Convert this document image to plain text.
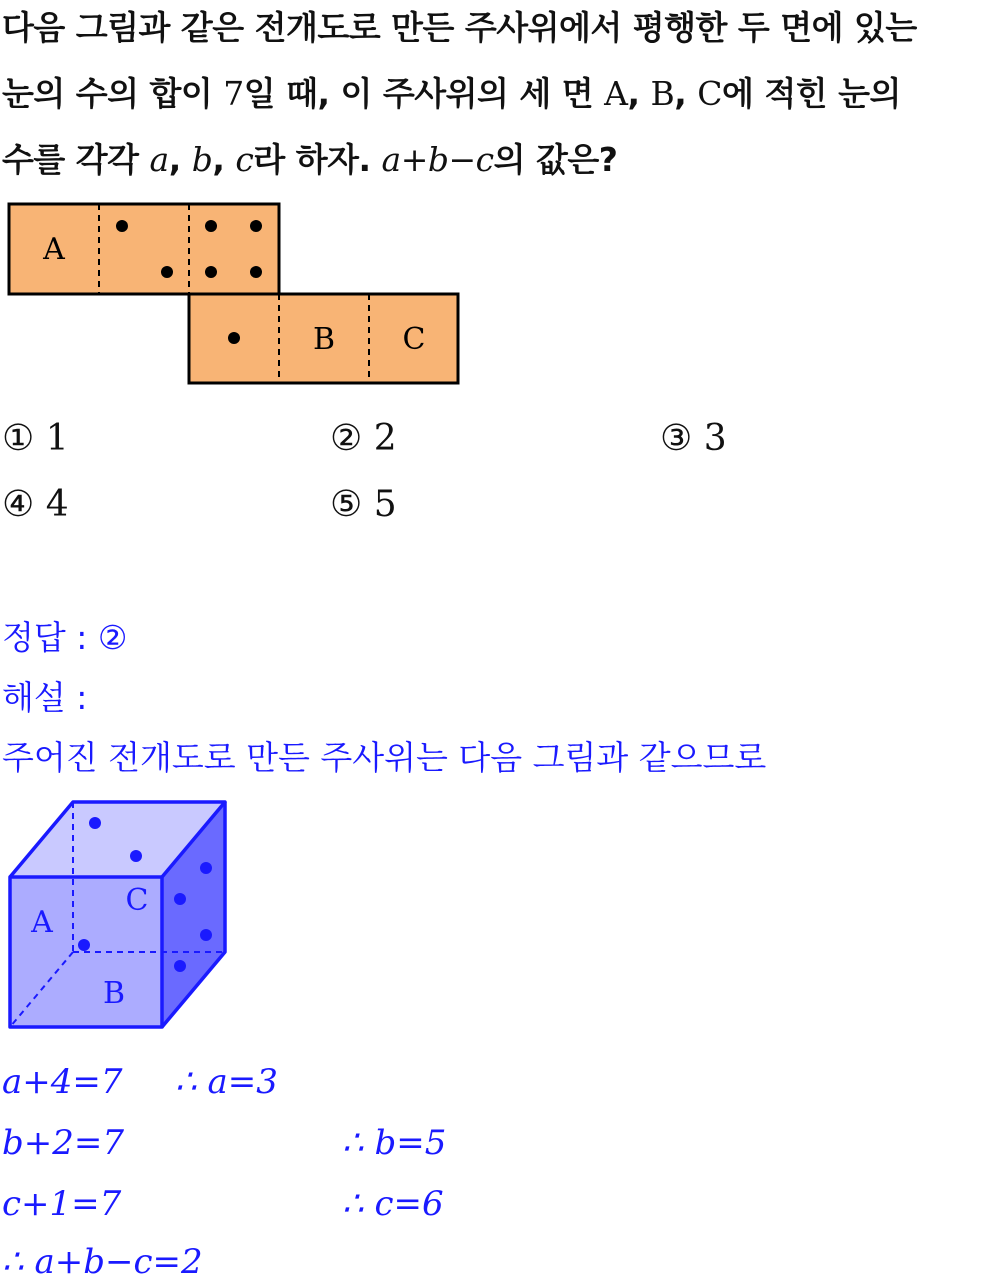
다음 그림과 같은 전개도로 만든 주사위에서 평행한 두 면에 있는
눈의 수의 합이 7일 때, 이 주사위의 세 면 A, B, C에 적힌 눈의
수를 각각 a, b, c라 하자. a+b−c의 값은?
A
B C
① 1	② 2	③ 3
④ 4	⑤ 5
정답 : ②
해설 :
주어진 전개도로 만든 주사위는 다음 그림과 같으므로
A
C
B
a+4=7 ∴ a=3
b+2=7	∴ b=5
c+1=7	∴ c=6
∴ a+b−c=2
